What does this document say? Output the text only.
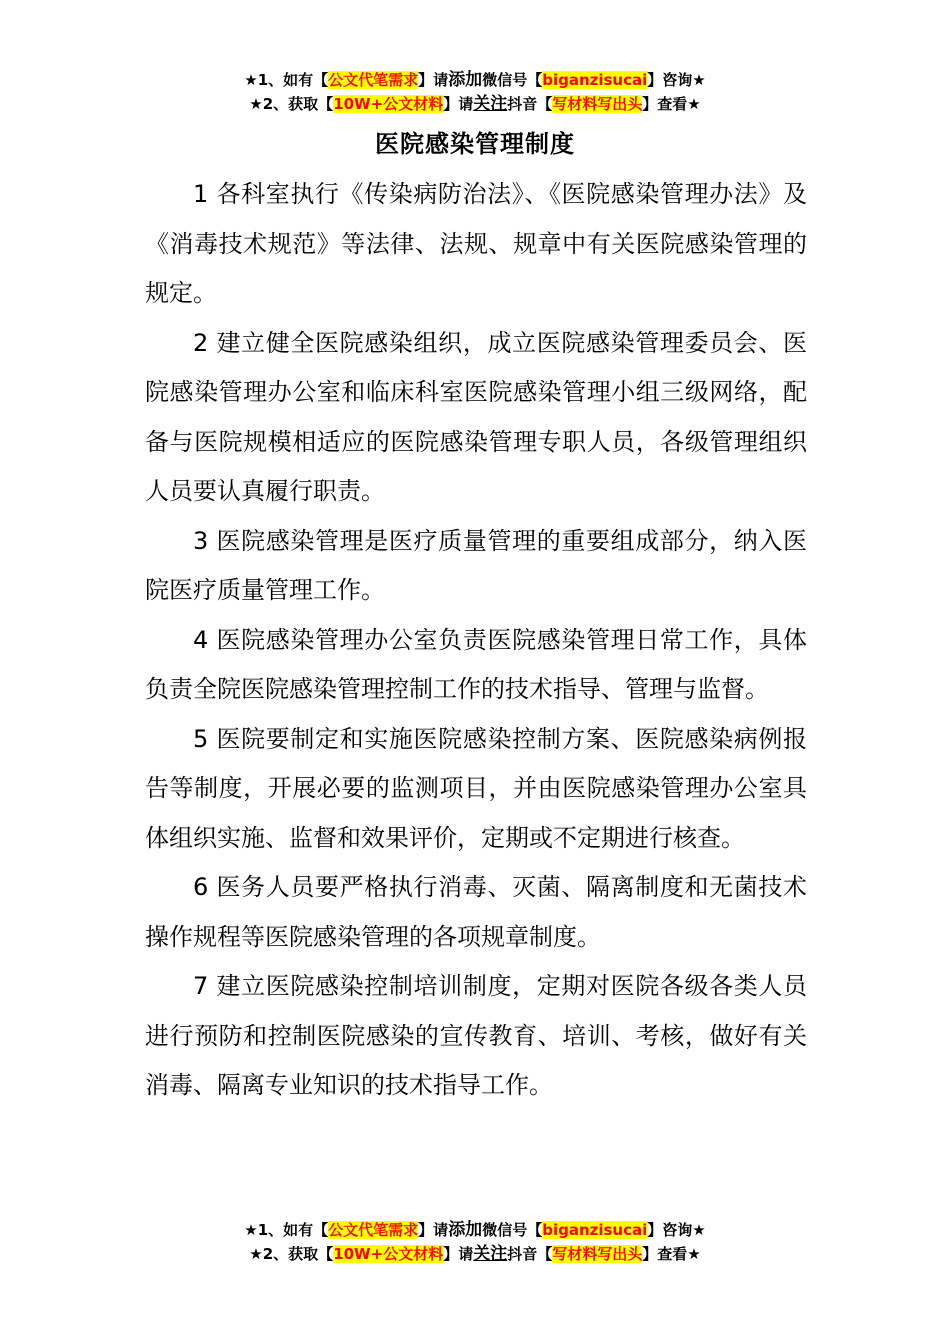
★1、如有【公文代笔需求】请添加微信号【biganzisucai】咨询★
★2、获取【10W+公文材料】请关注抖音【写材料写出头】查看★
医院感染管理制度

1 各科室执行《传染病防治法》、《医院感染管理办法》及《消毒技术规范》等法律、法规、规章中有关医院感染管理的规定。

2 建立健全医院感染组织，成立医院感染管理委员会、医院感染管理办公室和临床科室医院感染管理小组三级网络，配备与医院规模相适应的医院感染管理专职人员，各级管理组织人员要认真履行职责。

3 医院感染管理是医疗质量管理的重要组成部分，纳入医院医疗质量管理工作。

4 医院感染管理办公室负责医院感染管理日常工作，具体负责全院医院感染管理控制工作的技术指导、管理与监督。

5 医院要制定和实施医院感染控制方案、医院感染病例报告等制度，开展必要的监测项目，并由医院感染管理办公室具体组织实施、监督和效果评价，定期或不定期进行核查。

6 医务人员要严格执行消毒、灭菌、隔离制度和无菌技术操作规程等医院感染管理的各项规章制度。

7 建立医院感染控制培训制度，定期对医院各级各类人员进行预防和控制医院感染的宣传教育、培训、考核，做好有关消毒、隔离专业知识的技术指导工作。

★1、如有【公文代笔需求】请添加微信号【biganzisucai】咨询★
★2、获取【10W+公文材料】请关注抖音【写材料写出头】查看★
